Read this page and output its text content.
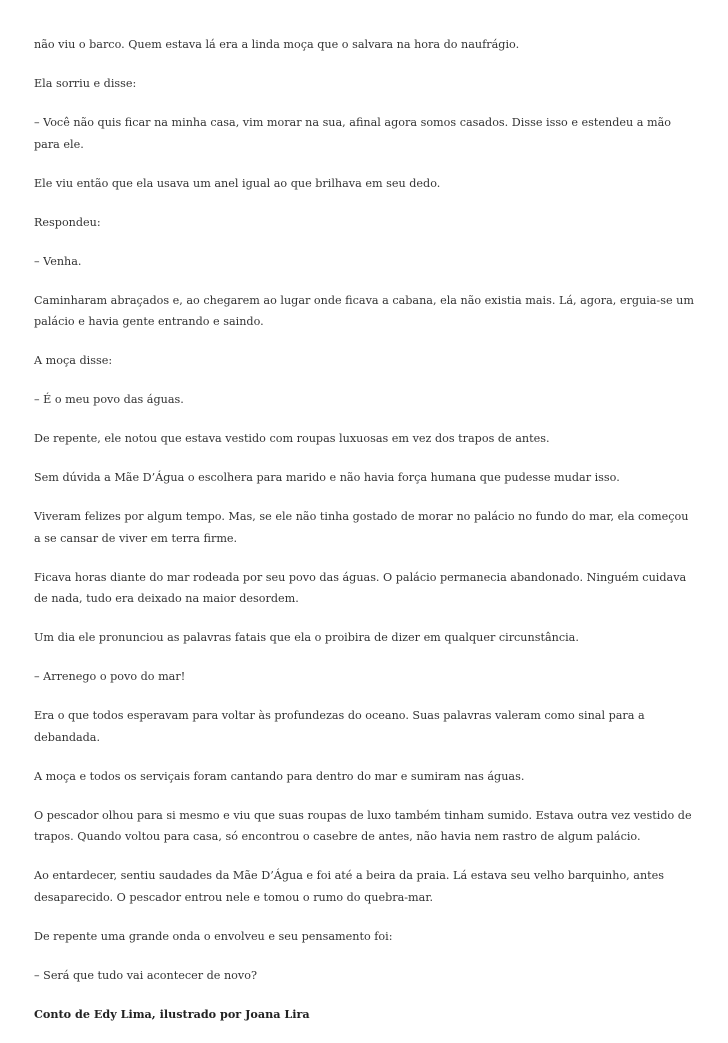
não viu o barco. Quem estava lá era a linda moça que o salvara na hora do naufrágio.

Ela sorriu e disse:

– Você não quis ficar na minha casa, vim morar na sua, afinal agora somos casados. Disse isso e estendeu a mão para ele.

Ele viu então que ela usava um anel igual ao que brilhava em seu dedo.

Respondeu:

– Venha.

Caminharam abraçados e, ao chegarem ao lugar onde ficava a cabana, ela não existia mais. Lá, agora, erguia-se um palácio e havia gente entrando e saindo.

A moça disse:

– É o meu povo das águas.

De repente, ele notou que estava vestido com roupas luxuosas em vez dos trapos de antes.

Sem dúvida a Mãe D’Água o escolhera para marido e não havia força humana que pudesse mudar isso.

Viveram felizes por algum tempo. Mas, se ele não tinha gostado de morar no palácio no fundo do mar, ela começou a se cansar de viver em terra firme.

Ficava horas diante do mar rodeada por seu povo das águas. O palácio permanecia abandonado. Ninguém cuidava de nada, tudo era deixado na maior desordem.

Um dia ele pronunciou as palavras fatais que ela o proibira de dizer em qualquer circunstância.

– Arrenego o povo do mar!

Era o que todos esperavam para voltar às profundezas do oceano. Suas palavras valeram como sinal para a debandada.

A moça e todos os serviçais foram cantando para dentro do mar e sumiram nas águas.

O pescador olhou para si mesmo e viu que suas roupas de luxo também tinham sumido. Estava outra vez vestido de trapos. Quando voltou para casa, só encontrou o casebre de antes, não havia nem rastro de algum palácio.

Ao entardecer, sentiu saudades da Mãe D’Água e foi até a beira da praia. Lá estava seu velho barquinho, antes desaparecido. O pescador entrou nele e tomou o rumo do quebra-mar.

De repente uma grande onda o envolveu e seu pensamento foi:

– Será que tudo vai acontecer de novo?

Conto de Edy Lima, ilustrado por Joana Lira
